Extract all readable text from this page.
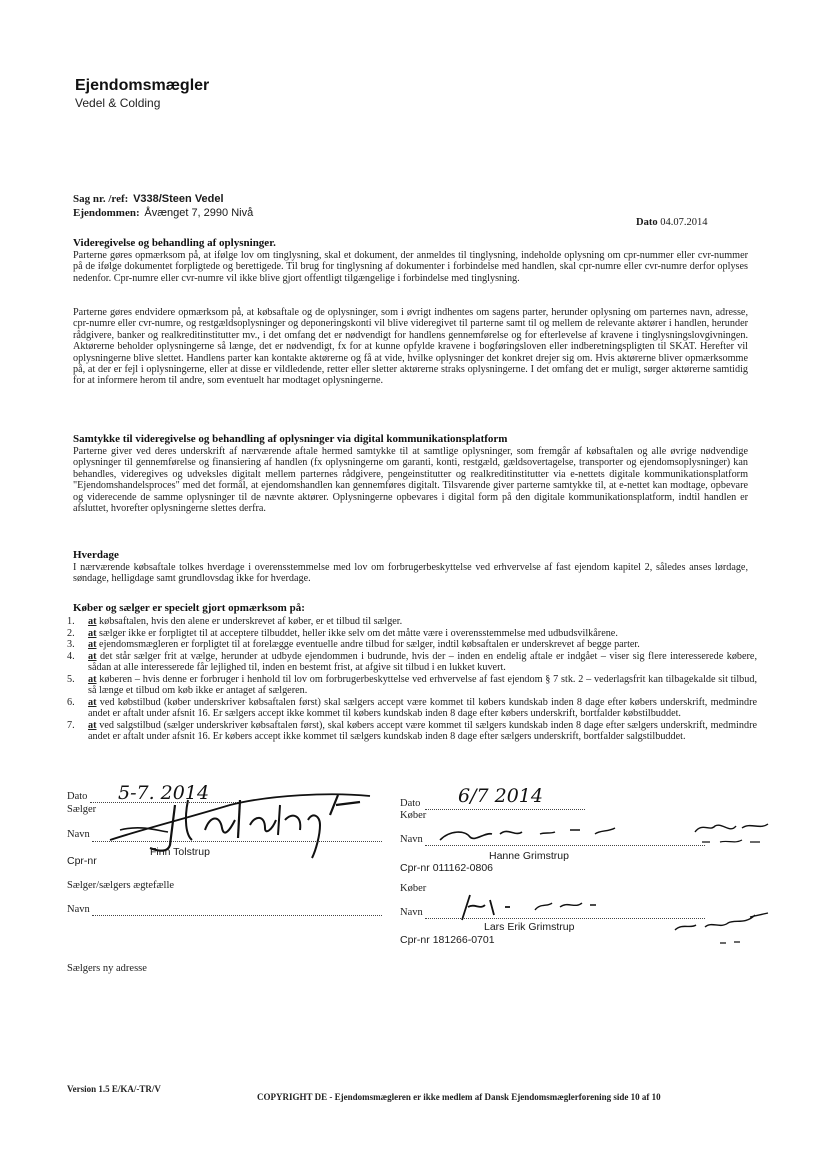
Ejendomsmægler
Vedel & Colding
Sag nr. /ref: V338/Steen Vedel
Ejendommen: Åvænget 7, 2990 Nivå
Dato 04.07.2014
Videregivelse og behandling af oplysninger.
Parterne gøres opmærksom på, at ifølge lov om tinglysning, skal et dokument, der anmeldes til tinglysning, indeholde oplysning om cpr-nummer eller cvr-nummer på de ifølge dokumentet forpligtede og berettigede. Til brug for tinglysning af dokumenter i forbindelse med handlen, skal cpr-numre eller cvr-numre derfor oplyses nedenfor. Cpr-numre eller cvr-numre vil ikke blive gjort offentligt tilgængelige i forbindelse med tinglysning.
Parterne gøres endvidere opmærksom på, at købsaftale og de oplysninger, som i øvrigt indhentes om sagens parter, herunder oplysning om parternes navn, adresse, cpr-numre eller cvr-numre, og restgældsoplysninger og deponeringskonti vil blive videregivet til parterne samt til og mellem de relevante aktører i handlen, herunder rådgivere, banker og realkreditinstitutter mv., i det omfang det er nødvendigt for handlens gennemførelse og for efterlevelse af kravene i tinglysningslovgivningen. Aktørerne beholder oplysningerne så længe, det er nødvendigt, fx for at kunne opfylde kravene i bogføringsloven eller indberetningspligten til SKAT. Herefter vil oplysningerne blive slettet. Handlens parter kan kontakte aktørerne og få at vide, hvilke oplysninger det konkret drejer sig om. Hvis aktørerne bliver opmærksomme på, at der er fejl i oplysningerne, eller at disse er vildledende, retter eller sletter aktørerne straks oplysningerne. I det omfang det er muligt, sørger aktørerne samtidig for at informere herom til andre, som eventuelt har modtaget oplysningerne.
Samtykke til videregivelse og behandling af oplysninger via digital kommunikationsplatform
Parterne giver ved deres underskrift af nærværende aftale hermed samtykke til at samtlige oplysninger, som fremgår af købsaftalen og alle øvrige nødvendige oplysninger til gennemførelse og finansiering af handlen (fx oplysningerne om garanti, konti, restgæld, gældsovertagelse, transporter og ejendomsoplysninger) kan behandles, videregives og udveksles digitalt mellem parternes rådgivere, pengeinstitutter og realkreditinstitutter via e-nettets digitale kommunikationsplatform "Ejendomshandelsproces" med det formål, at ejendomshandlen kan gennemføres digitalt. Tilsvarende giver parterne samtykke til, at e-nettet kan modtage, opbevare og viderесende de samme oplysninger til de nævnte aktører. Oplysningerne opbevares i digital form på den digitale kommunikationsplatform, indtil handlen er afsluttet, hvorefter oplysningerne slettes derfra.
Hverdage
I nærværende købsaftale tolkes hverdage i overensstemmelse med lov om forbrugerbeskyttelse ved erhvervelse af fast ejendom kapitel 2, således anses lørdage, søndage, helligdage samt grundlovsdag ikke for hverdage.
Køber og sælger er specielt gjort opmærksom på:
1. at købsaftalen, hvis den alene er underskrevet af køber, er et tilbud til sælger.
2. at sælger ikke er forpligtet til at acceptere tilbuddet, heller ikke selv om det måtte være i overensstemmelse med udbudsvilkårene.
3. at ejendomsmægleren er forpligtet til at forelægge eventuelle andre tilbud for sælger, indtil købsaftalen er underskrevet af begge parter.
4. at det står sælger frit at vælge, herunder at udbyde ejendommen i budrunde, hvis der – inden en endelig aftale er indgået – viser sig flere interesserede købere, sådan at alle interesserede får lejlighed til, inden en bestemt frist, at afgive sit tilbud i en lukket kuvert.
5. at køberen – hvis denne er forbruger i henhold til lov om forbrugerbeskyttelse ved erhvervelse af fast ejendom § 7 stk. 2 – vederlagsfrit kan tilbagekalde sit tilbud, så længe et tilbud om køb ikke er antaget af sælgeren.
6. at ved købstilbud (køber underskriver købsaftalen først) skal sælgers accept være kommet til købers kundskab inden 8 dage efter købers underskrift, medmindre andet er aftalt under afsnit 16. Er sælgers accept ikke kommet til købers kundskab inden 8 dage efter købers underskrift, bortfalder købstilbuddet.
7. at ved salgstilbud (sælger underskriver købsaftalen først), skal købers accept være kommet til sælgers kundskab inden 8 dage efter sælgers underskrift, medmindre andet er aftalt under afsnit 16. Er købers accept ikke kommet til sælgers kundskab inden 8 dage efter sælgers underskrift, bortfalder salgstilbuddet.
Dato 5-7. 2014
Sælger
Navn
Finn Tolstrup
Cpr-nr
Sælger/sælgers ægtefælle
Navn
Sælgers ny adresse
Dato 6/7 2014
Køber
Navn
Hanne Grimstrup
Cpr-nr 011162-0806
Køber
Navn
Lars Erik Grimstrup
Cpr-nr 181266-0701
Version 1.5 E/KA/-TR/V
COPYRIGHT DE - Ejendomsmægleren er ikke medlem af Dansk Ejendomsmæglerforening side 10 af 10
